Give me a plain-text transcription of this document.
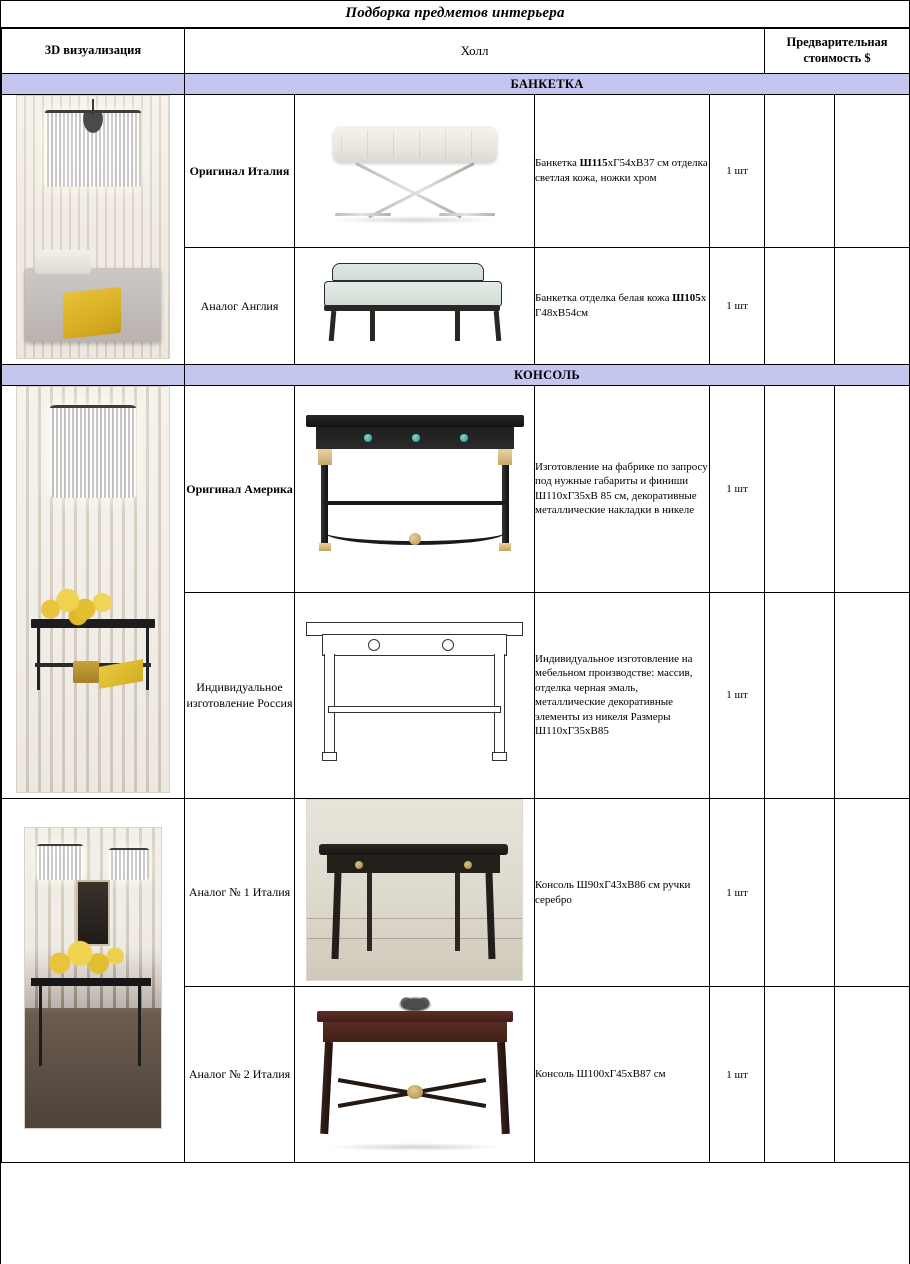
Подборка предметов интерьера
3D визуализация	Холл				Предварительная стоимость $	
	БАНКЕТКА					

	Оригинал Италия		Банкетка Ш115хГ54хВ37 см отделка светлая кожа, ножки хром	1 шт		
	Аналог Англия		Банкетка отделка белая кожа Ш105х Г48хВ54см	1 шт		
	КОНСОЛЬ					

	Оригинал Америка		Изготовление на фабрике по запросу под нужные габариты и финиши Ш110хГ35хВ 85 см, декоративные металлические накладки в никеле	1 шт		
	Индивидуальное изготовление Россия		Индивидуальное изготовление на мебельном производстве: массив, отделка черная эмаль, металлические декоративные элементы из никеля Размеры Ш110хГ35хВ85	1 шт		

	Аналог № 1 Италия		Консоль Ш90хГ43хВ86 см ручки серебро	1 шт		
	Аналог № 2 Италия		Консоль Ш100хГ45хВ87 см	1 шт		
